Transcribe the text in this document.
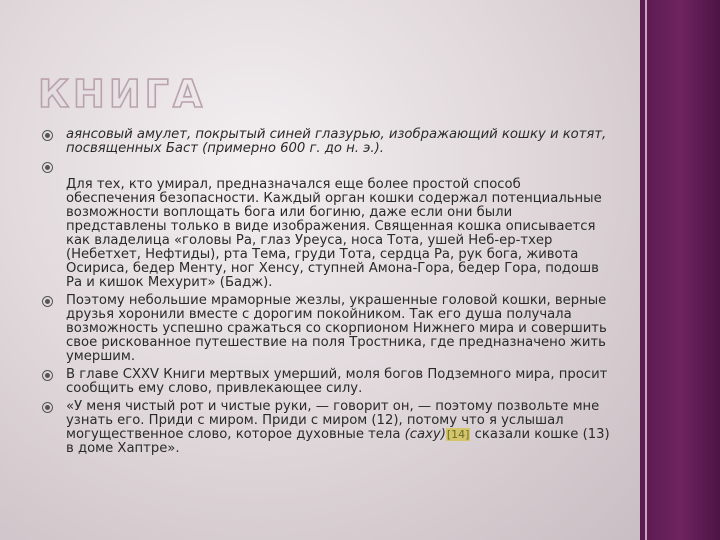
КНИГА
аянсовый амулет, покрытый синей глазурью, изображающий кошку и котят, посвященных Баст (примерно 600 г. до н. э.).
Для тех, кто умирал, предназначался еще более простой способ обеспечения безопасности. Каждый орган кошки содержал потенциальные возможности воплощать бога или богиню, даже если они были представлены только в виде изображения. Священная кошка описывается как владелица «головы Ра, глаз Уреуса, носа Тота, ушей Неб-ер-тхер (Небетхет, Нефтиды), рта Тема, груди Тота, сердца Ра, рук бога, живота Осириса, бедер Менту, ног Хенсу, ступней Амона-Гора, бедер Гора, подошв Ра и кишок Мехурит» (Бадж).
Поэтому небольшие мраморные жезлы, украшенные головой кошки, верные друзья хоронили вместе с дорогим покойником. Так его душа получала возможность успешно сражаться со скорпионом Нижнего мира и совершить свое рискованное путешествие на поля Тростника, где предназначено жить умершим.
В главе CXXV Книги мертвых умерший, моля богов Подземного мира, просит сообщить ему слово, привлекающее силу.
«У меня чистый рот и чистые руки, — говорит он, — поэтому позвольте мне узнать его. Приди с миром. Приди с миром (12), потому что я услышал могущественное слово, которое духовные тела (саху)[14] сказали кошке (13) в доме Хаптре».
